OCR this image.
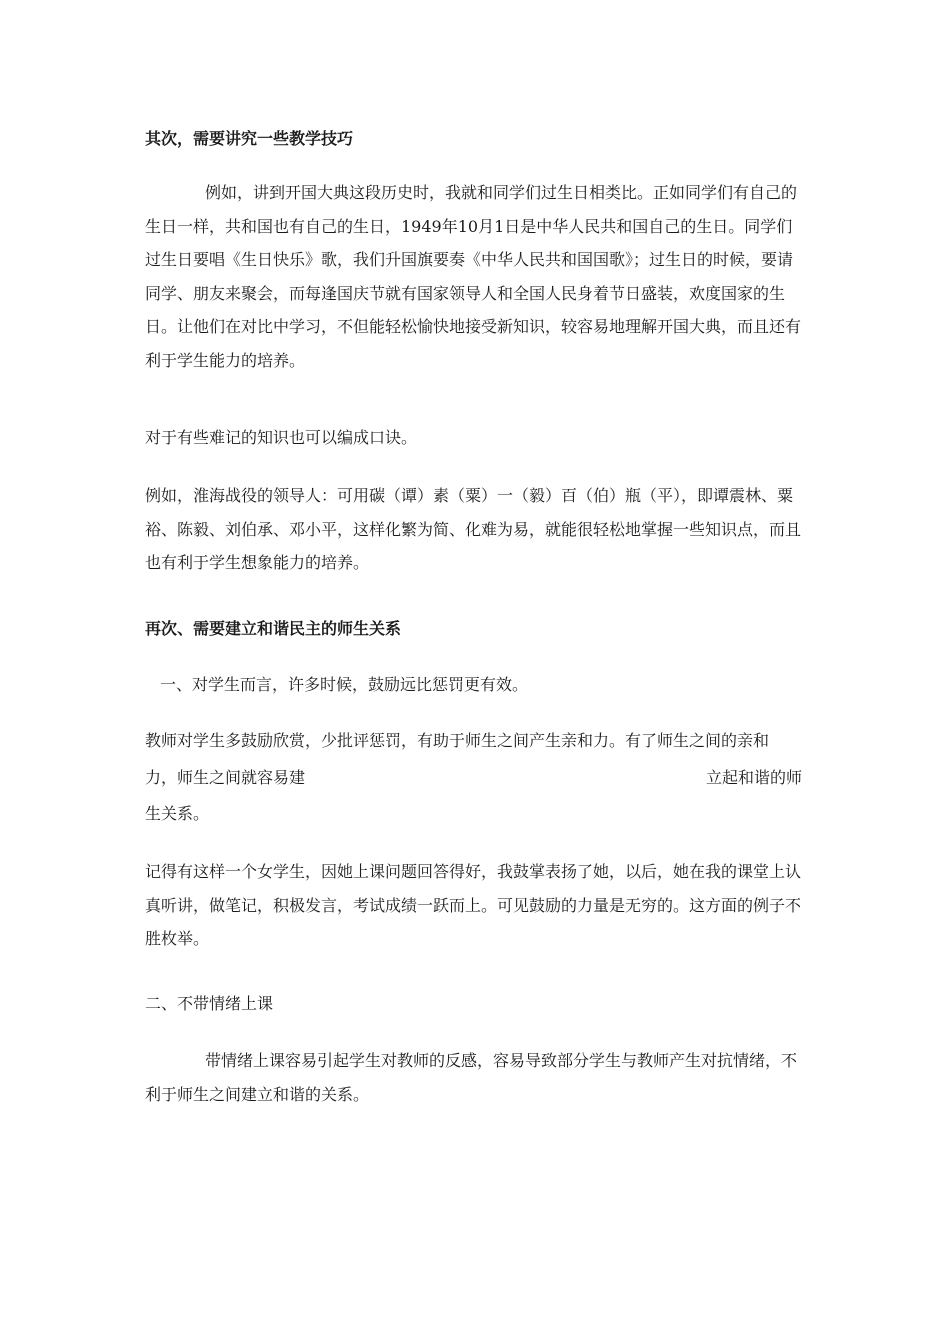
其次，需要讲究一些教学技巧
例如，讲到开国大典这段历史时，我就和同学们过生日相类比。正如同学们有自己的生日一样，共和国也有自己的生日，1949年10月1日是中华人民共和国自己的生日。同学们过生日要唱《生日快乐》歌，我们升国旗要奏《中华人民共和国国歌》；过生日的时候，要请同学、朋友来聚会，而每逢国庆节就有国家领导人和全国人民身着节日盛装，欢度国家的生日。让他们在对比中学习，不但能轻松愉快地接受新知识，较容易地理解开国大典，而且还有利于学生能力的培养。
对于有些难记的知识也可以编成口诀。
例如，淮海战役的领导人：可用碳（谭）素（粟）一（毅）百（伯）瓶（平），即谭震林、粟裕、陈毅、刘伯承、邓小平，这样化繁为简、化难为易，就能很轻松地掌握一些知识点，而且也有利于学生想象能力的培养。
再次、需要建立和谐民主的师生关系
一、对学生而言，许多时候，鼓励远比惩罚更有效。
教师对学生多鼓励欣赏，少批评惩罚，有助于师生之间产生亲和力。有了师生之间的亲和
力，师生之间就容易建	立起和谐的师
生关系。
记得有这样一个女学生，因她上课问题回答得好，我鼓掌表扬了她，以后，她在我的课堂上认真听讲，做笔记，积极发言，考试成绩一跃而上。可见鼓励的力量是无穷的。这方面的例子不胜枚举。
二、不带情绪上课
带情绪上课容易引起学生对教师的反感，容易导致部分学生与教师产生对抗情绪，不利于师生之间建立和谐的关系。
